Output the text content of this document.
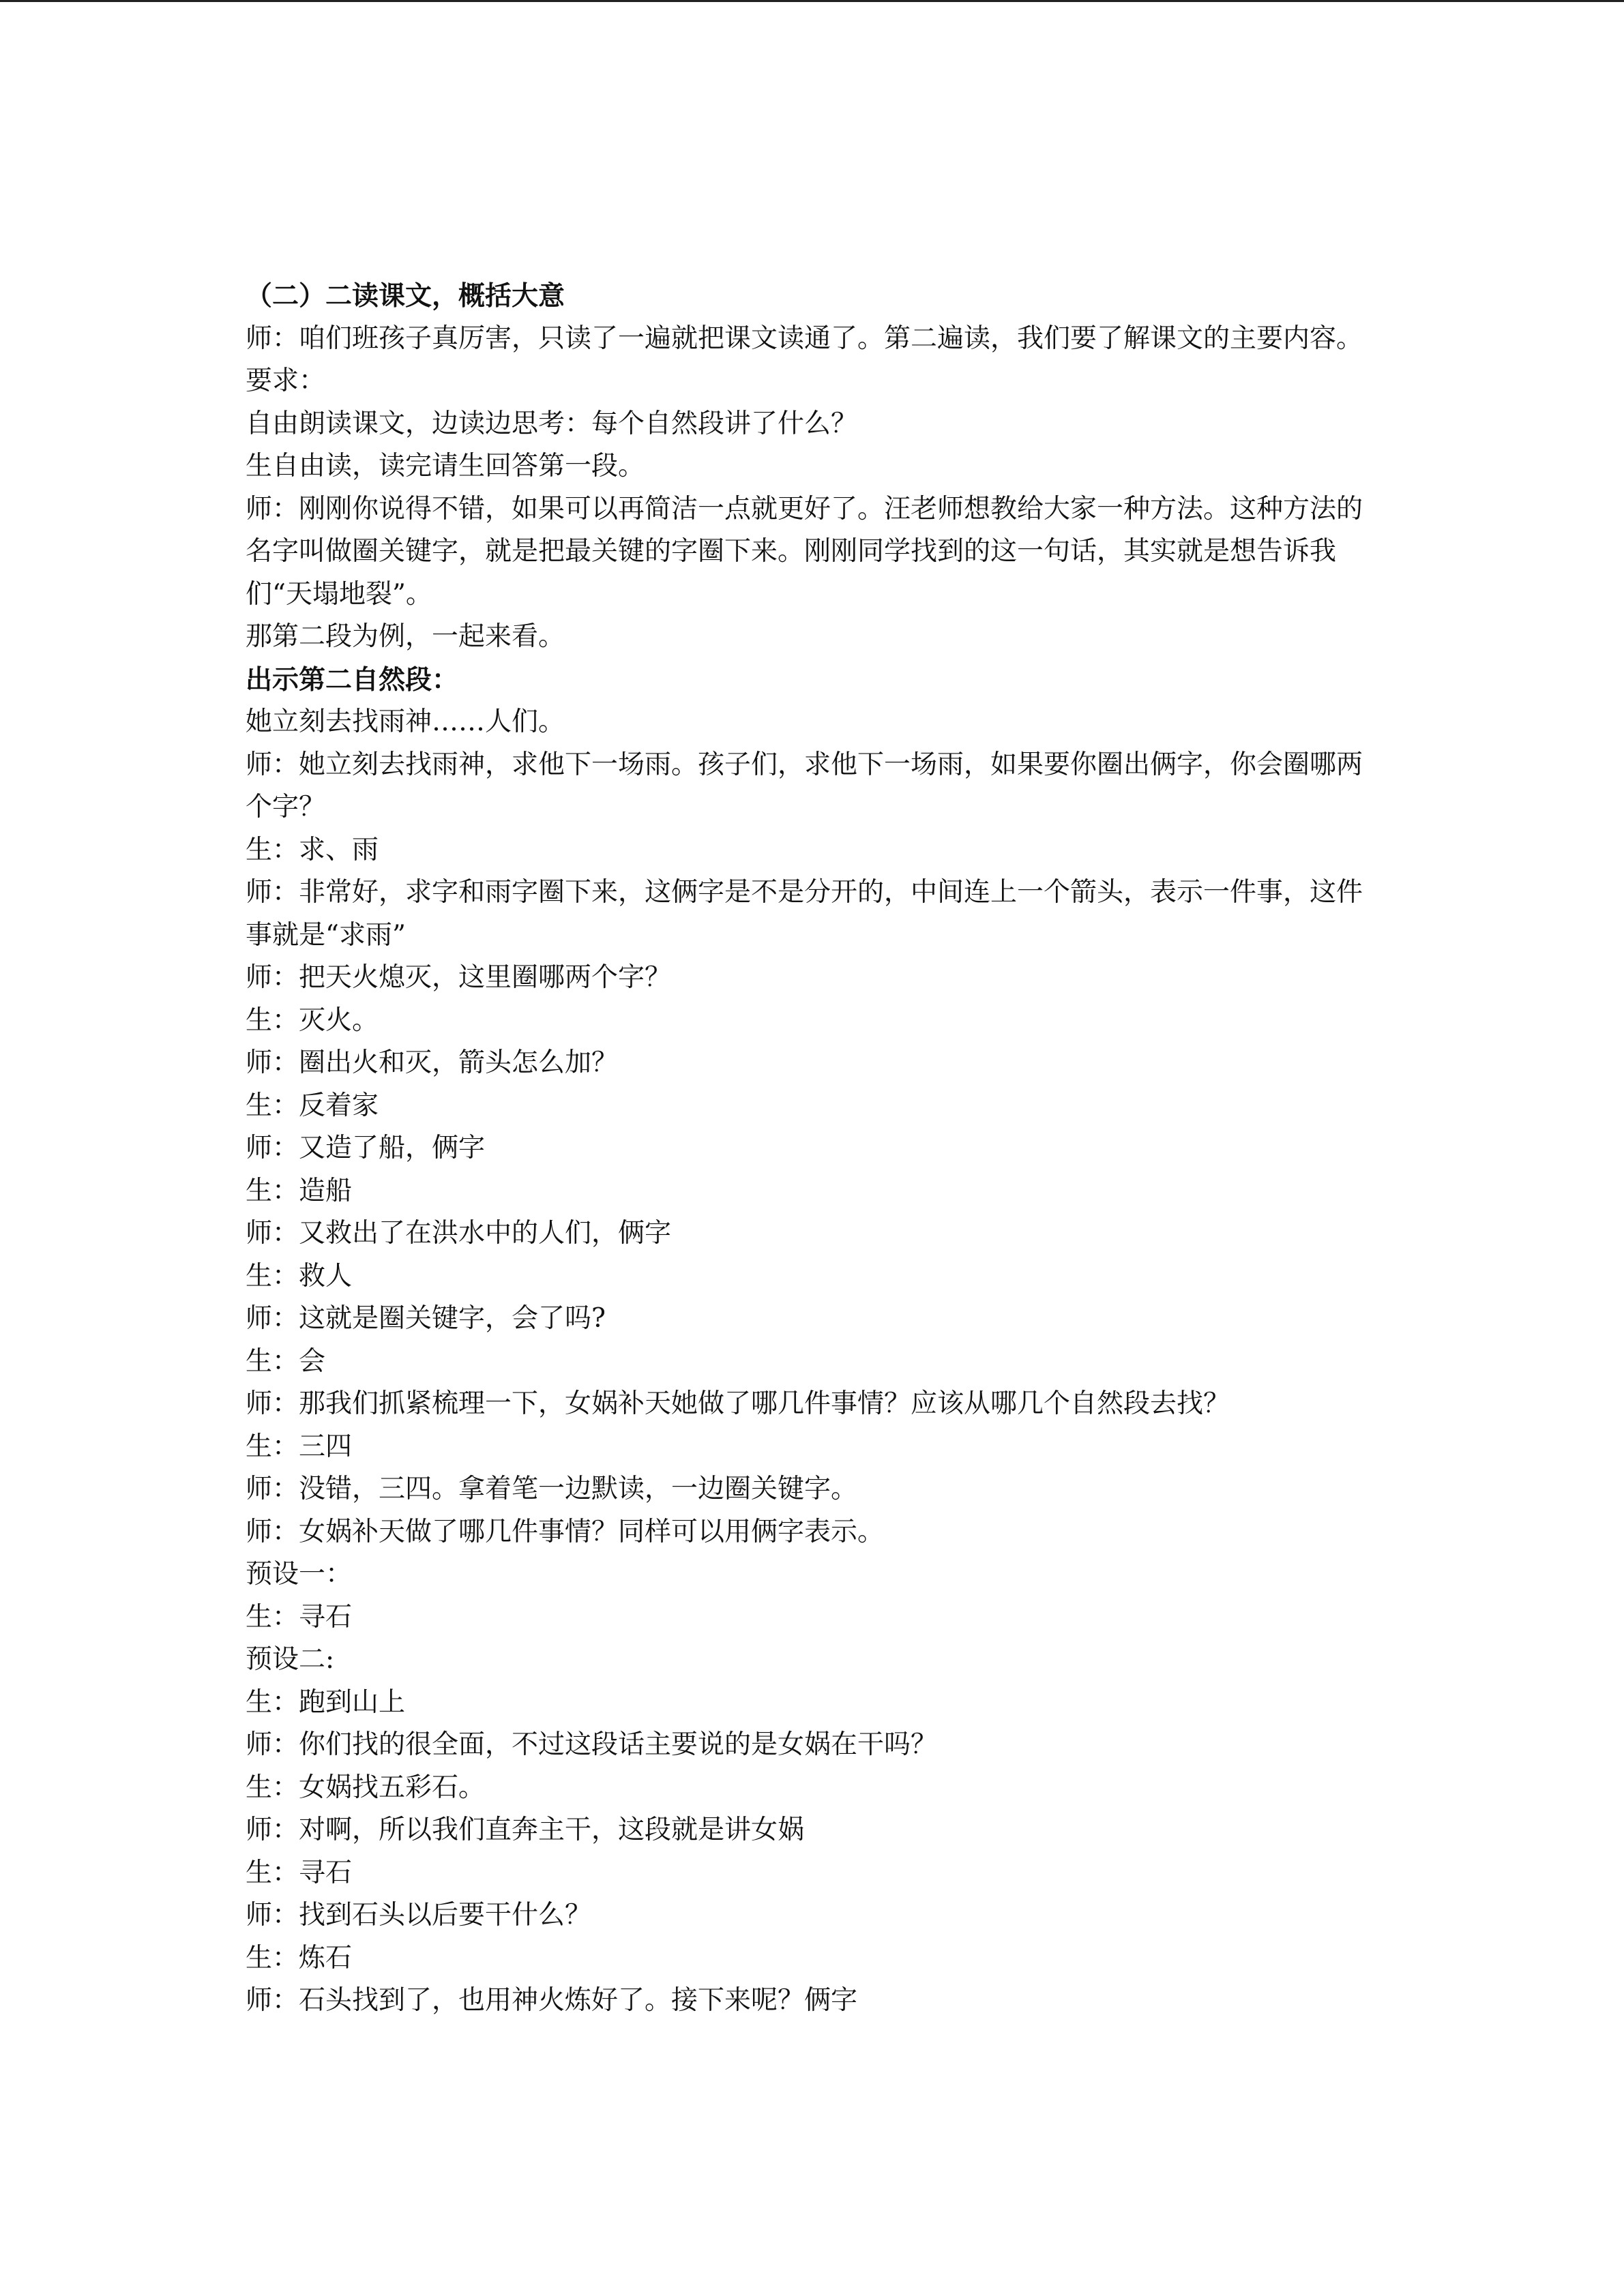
（二）二读课文，概括大意

师：咱们班孩子真厉害，只读了一遍就把课文读通了。第二遍读，我们要了解课文的主要内容。

要求：

自由朗读课文，边读边思考：每个自然段讲了什么？

生自由读，读完请生回答第一段。

师：刚刚你说得不错，如果可以再简洁一点就更好了。汪老师想教给大家一种方法。这种方法的名字叫做圈关键字，就是把最关键的字圈下来。刚刚同学找到的这一句话，其实就是想告诉我们“天塌地裂”。

那第二段为例，一起来看。

出示第二自然段：

她立刻去找雨神……人们。

师：她立刻去找雨神，求他下一场雨。孩子们，求他下一场雨，如果要你圈出俩字，你会圈哪两个字？

生：求、雨

师：非常好，求字和雨字圈下来，这俩字是不是分开的，中间连上一个箭头，表示一件事，这件事就是“求雨”

师：把天火熄灭，这里圈哪两个字？

生：灭火。

师：圈出火和灭，箭头怎么加？

生：反着家

师：又造了船，俩字

生：造船

师：又救出了在洪水中的人们，俩字

生：救人

师：这就是圈关键字，会了吗?

生：会

师：那我们抓紧梳理一下，女娲补天她做了哪几件事情？应该从哪几个自然段去找？

生：三四

师：没错，三四。拿着笔一边默读，一边圈关键字。

师：女娲补天做了哪几件事情？同样可以用俩字表示。

预设一：

生：寻石

预设二:

生：跑到山上

师：你们找的很全面，不过这段话主要说的是女娲在干吗？

生：女娲找五彩石。

师：对啊，所以我们直奔主干，这段就是讲女娲

生：寻石

师：找到石头以后要干什么？

生：炼石

师：石头找到了，也用神火炼好了。接下来呢？俩字
